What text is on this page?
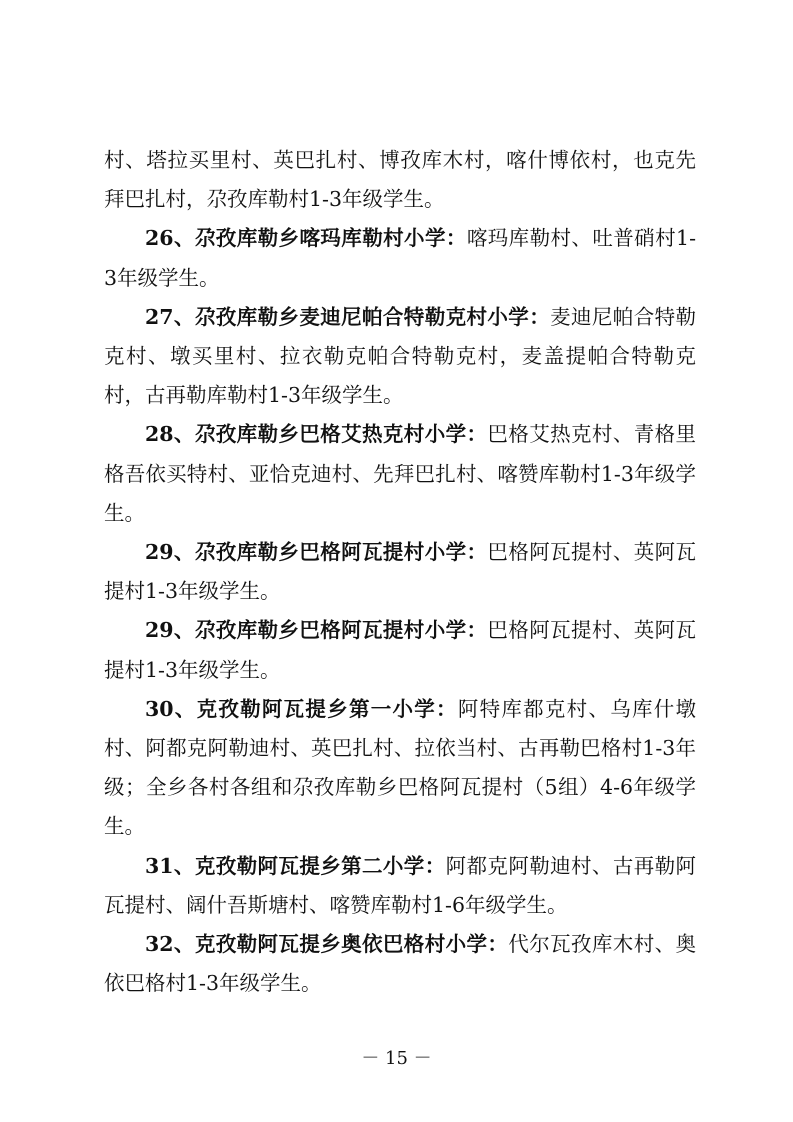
村、塔拉买里村、英巴扎村、博孜库木村，喀什博依村，也克先拜巴扎村，尕孜库勒村1-3年级学生。

26、尕孜库勒乡喀玛库勒村小学：喀玛库勒村、吐普硝村1-3年级学生。

27、尕孜库勒乡麦迪尼帕合特勒克村小学：麦迪尼帕合特勒克村、墩买里村、拉衣勒克帕合特勒克村，麦盖提帕合特勒克村，古再勒库勒村1-3年级学生。

28、尕孜库勒乡巴格艾热克村小学：巴格艾热克村、青格里格吾依买特村、亚恰克迪村、先拜巴扎村、喀赞库勒村1-3年级学生。

29、尕孜库勒乡巴格阿瓦提村小学：巴格阿瓦提村、英阿瓦提村1-3年级学生。

29、尕孜库勒乡巴格阿瓦提村小学：巴格阿瓦提村、英阿瓦提村1-3年级学生。

30、克孜勒阿瓦提乡第一小学：阿特库都克村、乌库什墩村、阿都克阿勒迪村、英巴扎村、拉依当村、古再勒巴格村1-3年级；全乡各村各组和尕孜库勒乡巴格阿瓦提村（5组）4-6年级学生。

31、克孜勒阿瓦提乡第二小学：阿都克阿勒迪村、古再勒阿瓦提村、阔什吾斯塘村、喀赞库勒村1-6年级学生。

32、克孜勒阿瓦提乡奥依巴格村小学：代尔瓦孜库木村、奥依巴格村1-3年级学生。

－ 15 －
